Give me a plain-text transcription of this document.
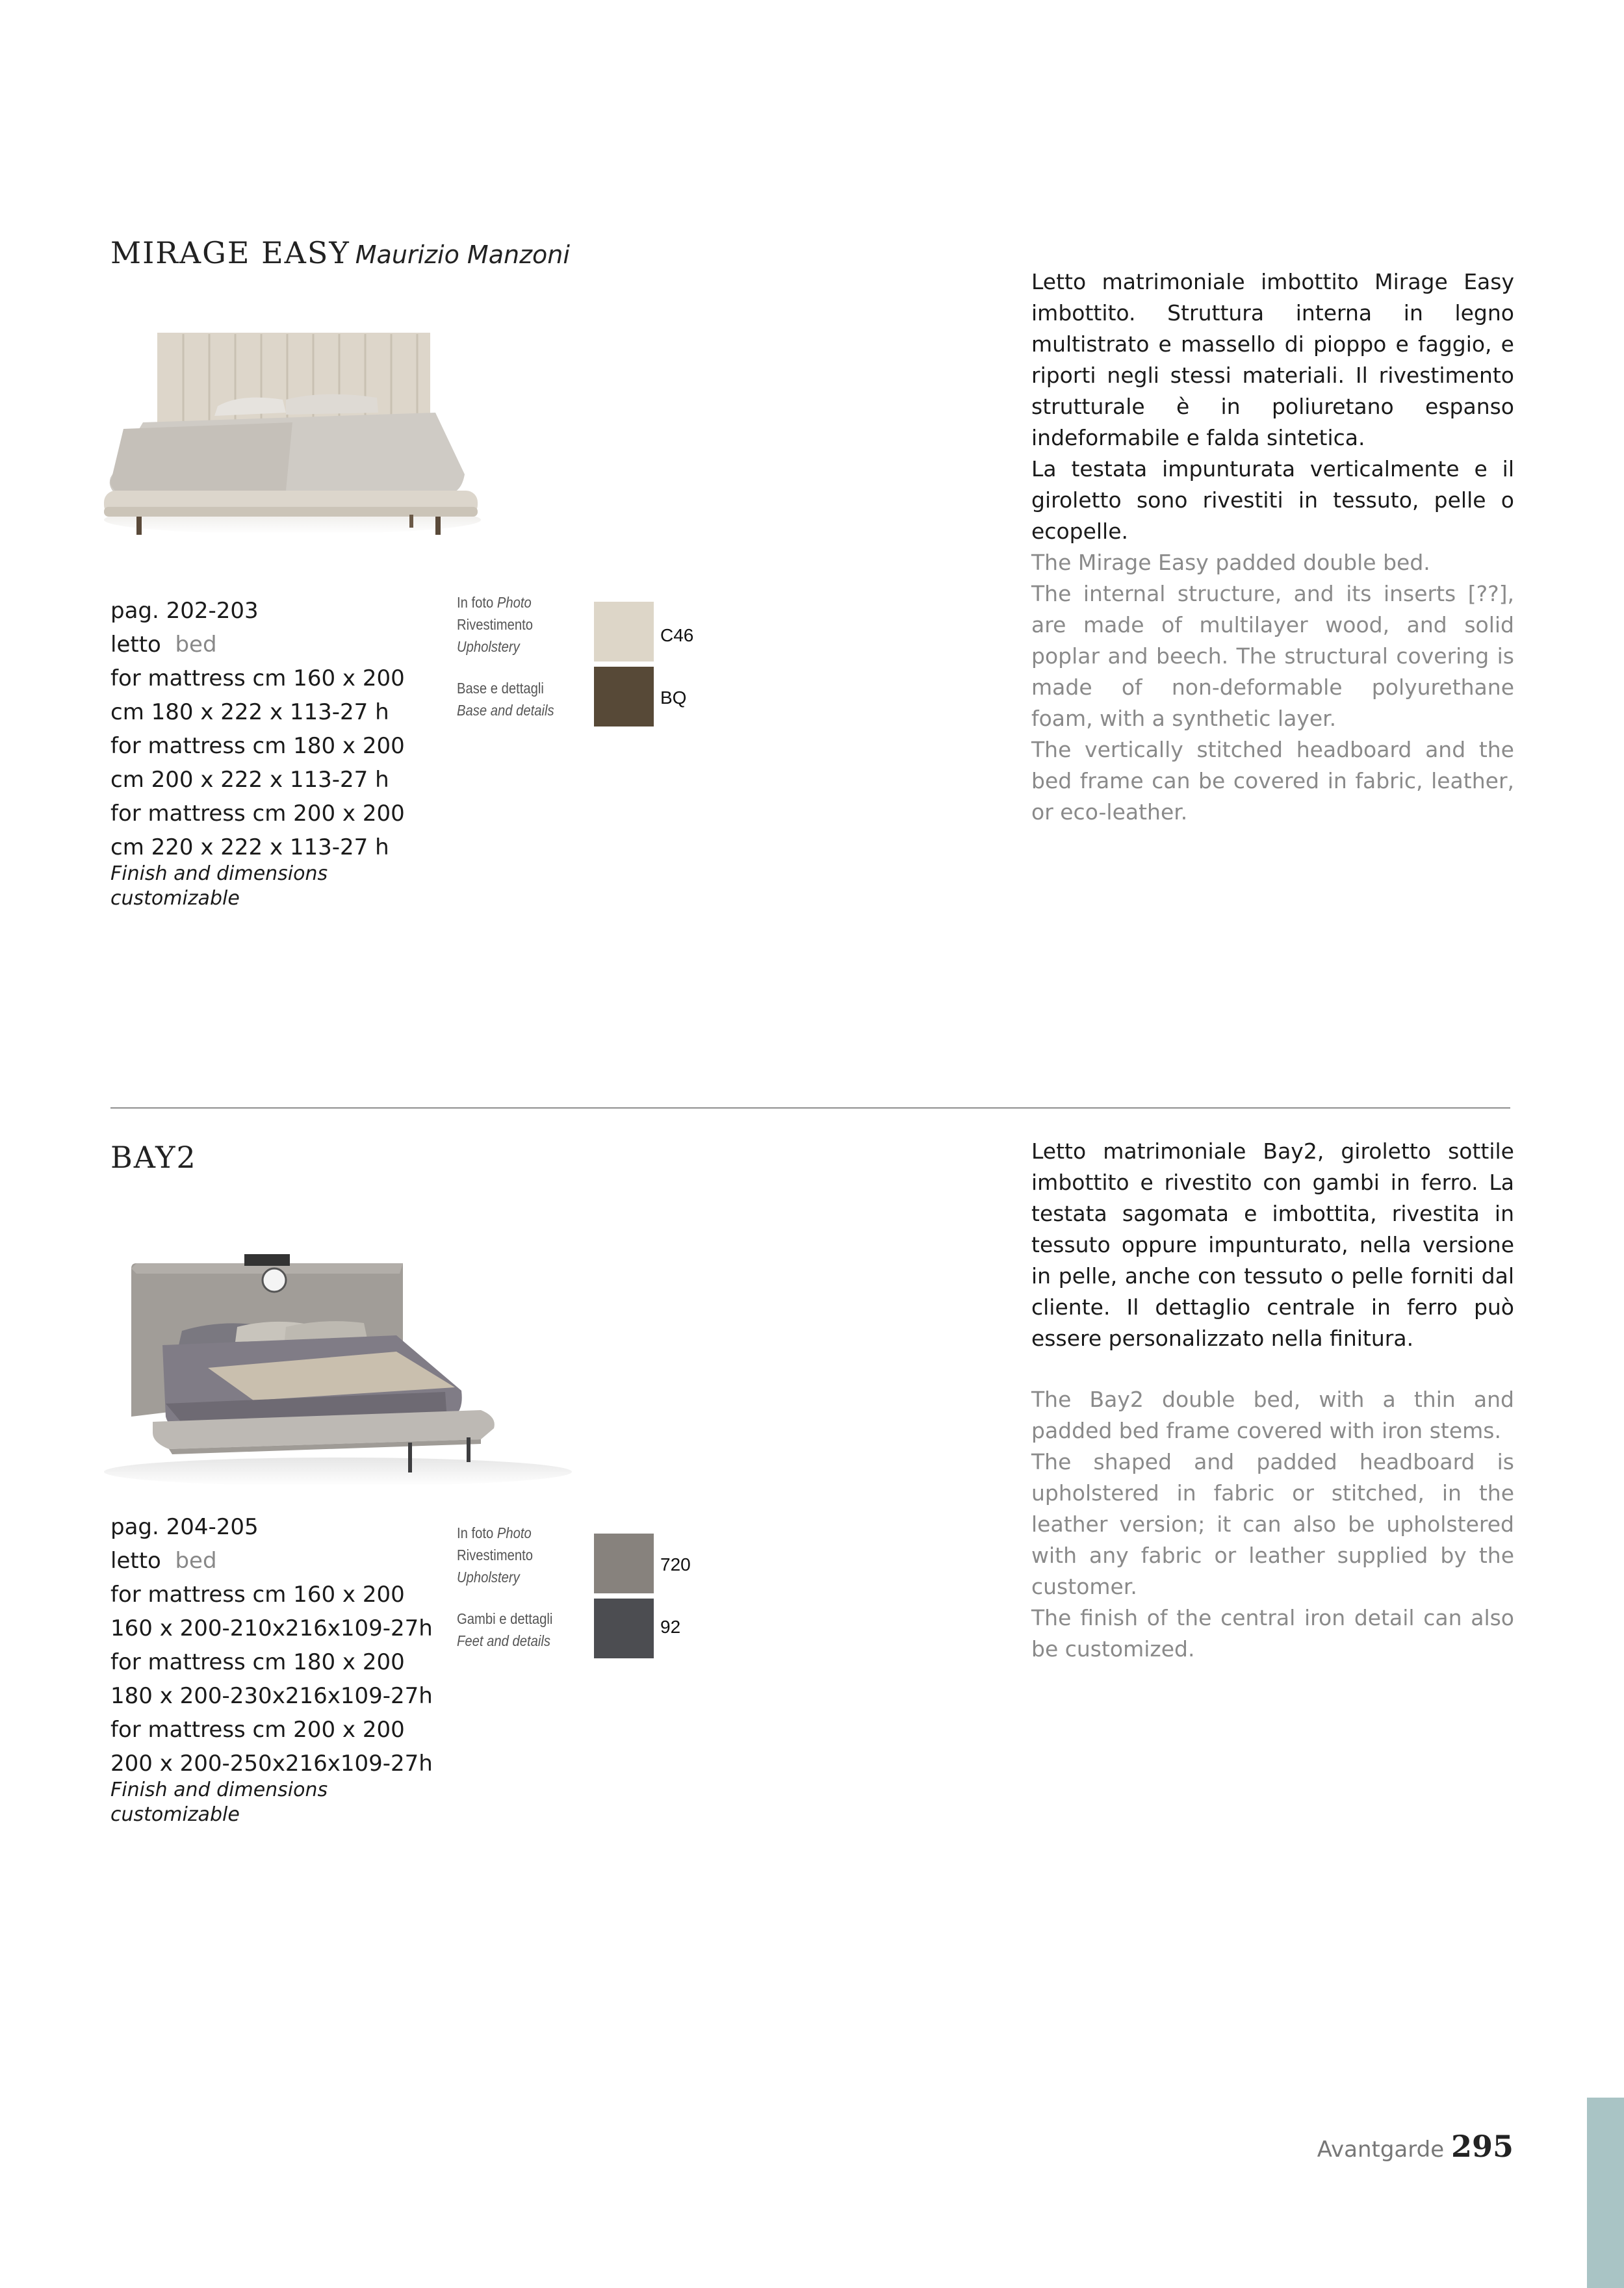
MIRAGE EASY Maurizio Manzoni
pag. 202-203
letto bed
for mattress cm 160 x 200
cm 180 x 222 x 113-27 h
for mattress cm 180 x 200
cm 200 x 222 x 113-27 h
for mattress cm 200 x 200
cm 220 x 222 x 113-27 h
Finish and dimensions customizable
In foto Photo
Rivestimento
Upholstery
Base e dettagli
Base and details
C46
BQ

Letto matrimoniale imbottito Mirage Easy imbottito. Struttura interna in legno multistrato e massello di pioppo e faggio, e riporti negli stessi materiali. Il rivestimento strutturale è in poliuretano espanso indeformabile e falda sintetica.

La testata impunturata verticalmente e il giroletto sono rivestiti in tessuto, pelle o ecopelle.

The Mirage Easy padded double bed.

The internal structure, and its inserts [??], are made of multilayer wood, and solid poplar and beech. The structural covering is made of non-deformable polyurethane foam, with a synthetic layer.

The vertically stitched headboard and the bed frame can be covered in fabric, leather, or eco-leather.

BAY2
pag. 204-205
letto bed
for mattress cm 160 x 200
160 x 200-210x216x109-27h
for mattress cm 180 x 200
180 x 200-230x216x109-27h
for mattress cm 200 x 200
200 x 200-250x216x109-27h
Finish and dimensions customizable
In foto Photo
Rivestimento
Upholstery
Gambi e dettagli
Feet and details
720
92

Letto matrimoniale Bay2, giroletto sottile imbottito e rivestito con gambi in ferro. La testata sagomata e imbottita, rivestita in tessuto oppure impunturato, nella versione in pelle, anche con tessuto o pelle forniti dal cliente. Il dettaglio centrale in ferro può essere personalizzato nella finitura.

The Bay2 double bed, with a thin and padded bed frame covered with iron stems.

The shaped and padded headboard is upholstered in fabric or stitched, in the leather version; it can also be upholstered with any fabric or leather supplied by the customer.

The finish of the central iron detail can also be customized.

Avantgarde 295
